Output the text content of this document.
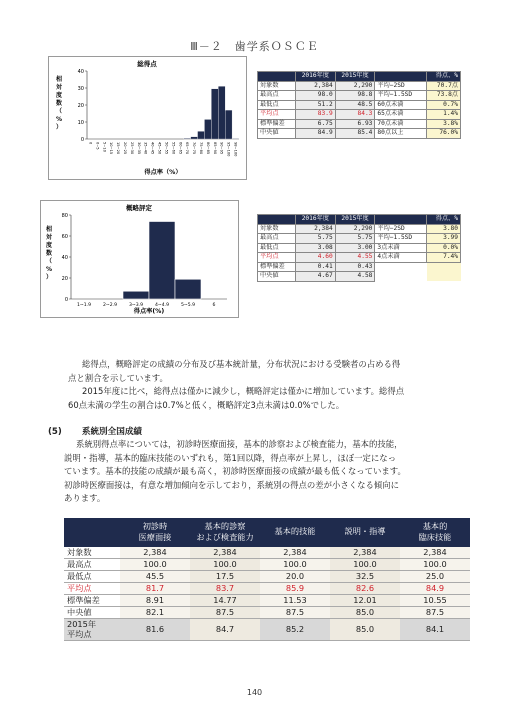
Ⅲ－２　歯学系ＯＳＣＥ
総得点
0
10
20
30
40
相
対
度
数
（
%
）
0 0~5 5~10 10~15 15~20 20~25 25~30 30~35 35~40 40~45 45~50 50~55 55~60 60~65 65~70 70~75 75~80 80~85 85~90 90~95 95~100 98~100
得点率（%）
	2016年度	2015年度		得点、%
対象数	2,384	2,290	平均−2SD	70.7点
最高点	98.0	98.8	平均−1.5SD	73.8点
最低点	51.2	48.5	60点未満	0.7%
平均点	83.9	84.3	65点未満	1.4%
標準偏差	6.75	6.93	70点未満	3.8%
中央値	84.9	85.4	80点以上	76.0%
概略評定
0
20
40
60
80
相
対
度
数
（
%
）
1~1.9	2~2.9	3~3.9	4~4.9	5~5.9	6
得点率(%)
	2016年度	2015年度		得点、%
対象数	2,384	2,290	平均−2SD	3.80
最高点	5.75	5.75	平均−1.5SD	3.99
最低点	3.08	3.00	3点未満	0.0%
平均点	4.60	4.55	4点未満	7.4%
標準偏差	0.41	0.43		
中央値	4.67	4.58		
総得点，概略評定の成績の分布及び基本統計量，分布状況における受験者の占める得
点と割合を示しています。
2015年度に比べ，総得点は僅かに減少し，概略評定は僅かに増加しています。総得点
60点未満の学生の割合は0.7%と低く，概略評定3点未満は0.0%でした。
(5) 系統別全国成績
系統別得点率については，初診時医療面接，基本的診察および検査能力，基本的技能，
説明・指導，基本的臨床技能のいずれも，第1回以降，得点率が上昇し，ほぼ一定になっ
ています。基本的技能の成績が最も高く，初診時医療面接の成績が最も低くなっています。
初診時医療面接は，有意な増加傾向を示しており，系統別の得点の差が小さくなる傾向に
あります。
	初診時
医療面接	基本的診察
および検査能力	基本的技能	説明・指導	基本的
臨床技能
対象数	2,384	2,384	2,384	2,384	2,384
最高点	100.0	100.0	100.0	100.0	100.0
最低点	45.5	17.5	20.0	32.5	25.0
平均点	81.7	83.7	85.9	82.6	84.9
標準偏差	8.91	14.77	11.53	12.01	10.55
中央値	82.1	87.5	87.5	85.0	87.5
2015年
平均点	81.6	84.7	85.2	85.0	84.1
140
